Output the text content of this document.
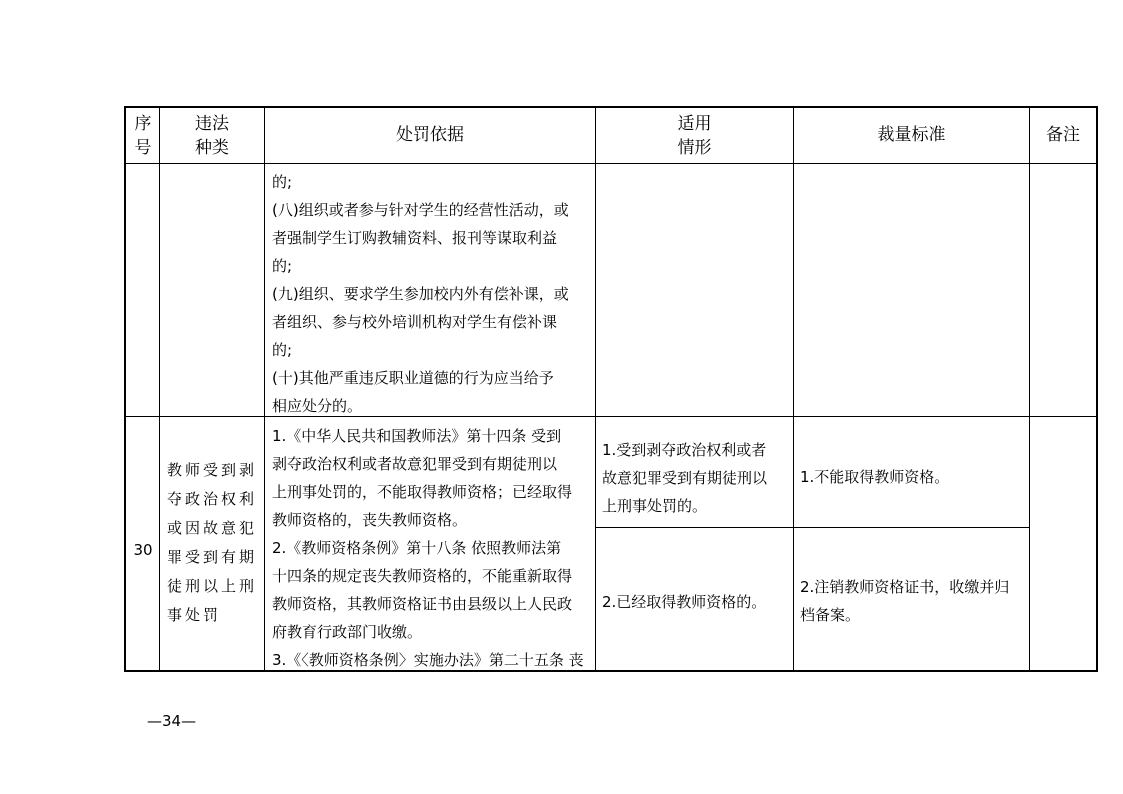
序
号
违法
种类
处罚依据
适用
情形
裁量标准	备注

的;

(八)组织或者参与针对学生的经营性活动，或

者强制学生订购教辅资料、报刊等谋取利益

的;

(九)组织、要求学生参加校内外有偿补课，或

者组织、参与校外培训机构对学生有偿补课

的;

(十)其他严重违反职业道德的行为应当给予

相应处分的。

30

教师受到剥

夺政治权利

或因故意犯

罪受到有期

徒刑以上刑

事处罚

1.《中华人民共和国教师法》第十四条 受到

剥夺政治权利或者故意犯罪受到有期徒刑以

上刑事处罚的，不能取得教师资格；已经取得

教师资格的，丧失教师资格。

2.《教师资格条例》第十八条 依照教师法第

十四条的规定丧失教师资格的，不能重新取得

教师资格，其教师资格证书由县级以上人民政

府教育行政部门收缴。

3.《〈教师资格条例〉实施办法》第二十五条 丧

1.受到剥夺政治权利或者

故意犯罪受到有期徒刑以

上刑事处罚的。

1.不能取得教师资格。

2.已经取得教师资格的。

2.注销教师资格证书，收缴并归

档备案。

—34—
